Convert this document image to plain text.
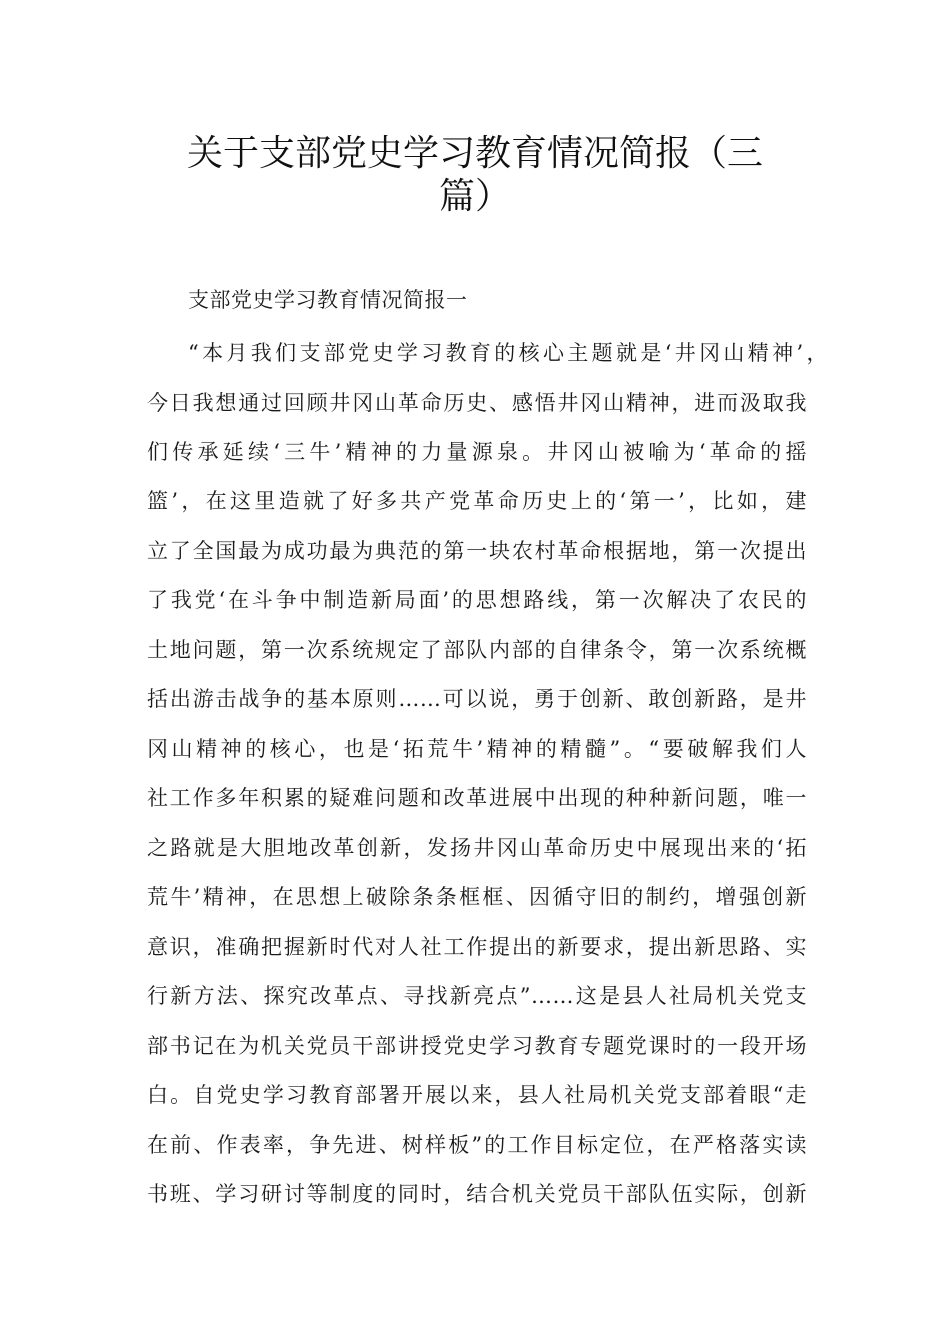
关于支部党史学习教育情况简报（三
篇）
支部党史学习教育情况简报一
“本月我们支部党史学习教育的核心主题就是‘井冈山精神’，
今日我想通过回顾井冈山革命历史、感悟井冈山精神，进而汲取我
们传承延续‘三牛’精神的力量源泉。井冈山被喻为‘革命的摇
篮’，在这里造就了好多共产党革命历史上的‘第一’，比如，建
立了全国最为成功最为典范的第一块农村革命根据地，第一次提出
了我党‘在斗争中制造新局面’的思想路线，第一次解决了农民的
土地问题，第一次系统规定了部队内部的自律条令，第一次系统概
括出游击战争的基本原则……可以说，勇于创新、敢创新路，是井
冈山精神的核心，也是‘拓荒牛’精神的精髓”。“要破解我们人
社工作多年积累的疑难问题和改革进展中出现的种种新问题，唯一
之路就是大胆地改革创新，发扬井冈山革命历史中展现出来的‘拓
荒牛’精神，在思想上破除条条框框、因循守旧的制约，增强创新
意识，准确把握新时代对人社工作提出的新要求，提出新思路、实
行新方法、探究改革点、寻找新亮点”……这是县人社局机关党支
部书记在为机关党员干部讲授党史学习教育专题党课时的一段开场
白。自党史学习教育部署开展以来，县人社局机关党支部着眼“走
在前、作表率，争先进、树样板”的工作目标定位，在严格落实读
书班、学习研讨等制度的同时，结合机关党员干部队伍实际，创新
